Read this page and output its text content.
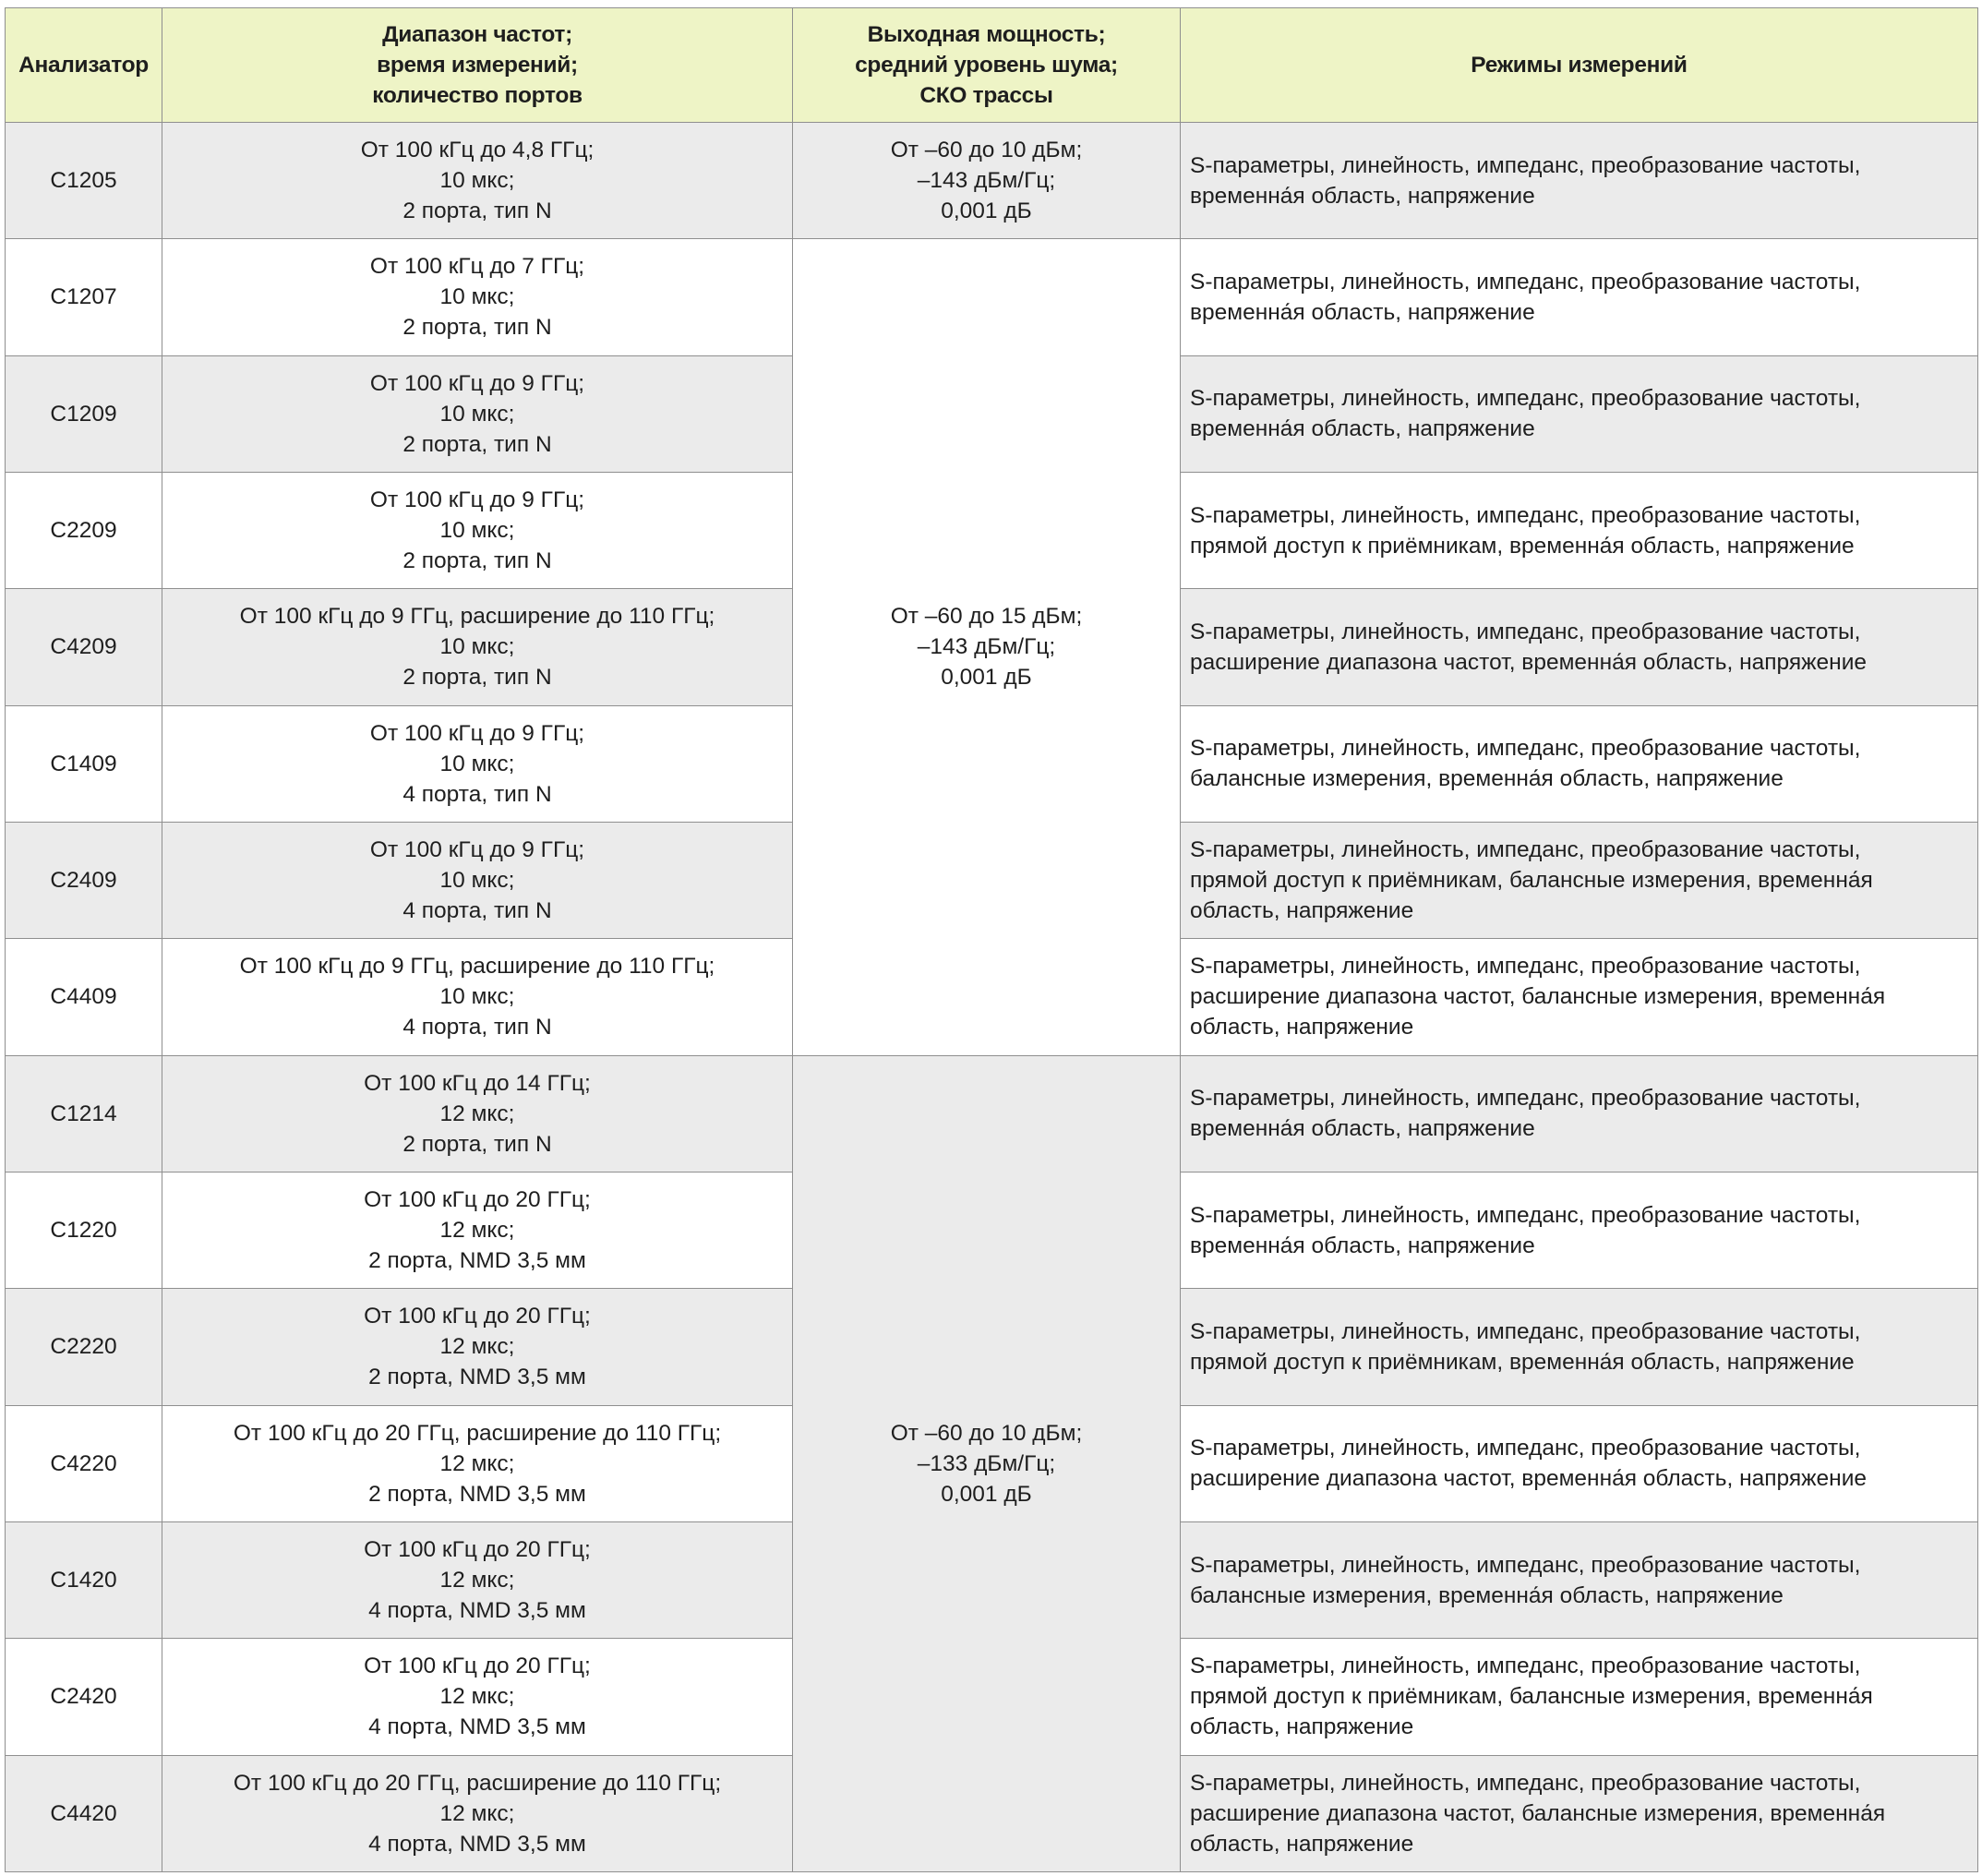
Анализатор	Диапазон частот;
время измерений;
количество портов	Выходная мощность;
средний уровень шума;
СКО трассы	Режимы измерений
C1205	От 100 кГц до 4,8 ГГц;
10 мкс;
2 порта, тип N	От –60 до 10 дБм;
–143 дБм/Гц;
0,001 дБ	S-параметры, линейность, импеданс, преобразование частоты,
временна́я область, напряжение

C1207	От 100 кГц до 7 ГГц;
10 мкс;
2 порта, тип N	От –60 до 15 дБм;
–143 дБм/Гц;
0,001 дБ	S-параметры, линейность, импеданс, преобразование частоты,
временна́я область, напряжение

C1209	От 100 кГц до 9 ГГц;
10 мкс;
2 порта, тип N		S-параметры, линейность, импеданс, преобразование частоты,
временна́я область, напряжение

C2209	От 100 кГц до 9 ГГц;
10 мкс;
2 порта, тип N		S-параметры, линейность, импеданс, преобразование частоты,
прямой доступ к приёмникам, временна́я область, напряжение

C4209	От 100 кГц до 9 ГГц, расширение до 110 ГГц;
10 мкс;
2 порта, тип N		S-параметры, линейность, импеданс, преобразование частоты,
расширение диапазона частот, временна́я область, напряжение

C1409	От 100 кГц до 9 ГГц;
10 мкс;
4 порта, тип N		S-параметры, линейность, импеданс, преобразование частоты,
балансные измерения, временна́я область, напряжение

C2409	От 100 кГц до 9 ГГц;
10 мкс;
4 порта, тип N		S-параметры, линейность, импеданс, преобразование частоты,
прямой доступ к приёмникам, балансные измерения, временна́я
область, напряжение

C4409	От 100 кГц до 9 ГГц, расширение до 110 ГГц;
10 мкс;
4 порта, тип N		S-параметры, линейность, импеданс, преобразование частоты,
расширение диапазона частот, балансные измерения, временна́я
область, напряжение

C1214	От 100 кГц до 14 ГГц;
12 мкс;
2 порта, тип N	От –60 до 10 дБм;
–133 дБм/Гц;
0,001 дБ	S-параметры, линейность, импеданс, преобразование частоты,
временна́я область, напряжение

C1220	От 100 кГц до 20 ГГц;
12 мкс;
2 порта, NMD 3,5 мм		S-параметры, линейность, импеданс, преобразование частоты,
временна́я область, напряжение

C2220	От 100 кГц до 20 ГГц;
12 мкс;
2 порта, NMD 3,5 мм		S-параметры, линейность, импеданс, преобразование частоты,
прямой доступ к приёмникам, временна́я область, напряжение

C4220	От 100 кГц до 20 ГГц, расширение до 110 ГГц;
12 мкс;
2 порта, NMD 3,5 мм		S-параметры, линейность, импеданс, преобразование частоты,
расширение диапазона частот, временна́я область, напряжение

C1420	От 100 кГц до 20 ГГц;
12 мкс;
4 порта, NMD 3,5 мм		S-параметры, линейность, импеданс, преобразование частоты,
балансные измерения, временна́я область, напряжение

C2420	От 100 кГц до 20 ГГц;
12 мкс;
4 порта, NMD 3,5 мм		S-параметры, линейность, импеданс, преобразование частоты,
прямой доступ к приёмникам, балансные измерения, временна́я
область, напряжение

C4420	От 100 кГц до 20 ГГц, расширение до 110 ГГц;
12 мкс;
4 порта, NMD 3,5 мм		S-параметры, линейность, импеданс, преобразование частоты,
расширение диапазона частот, балансные измерения, временна́я
область, напряжение
